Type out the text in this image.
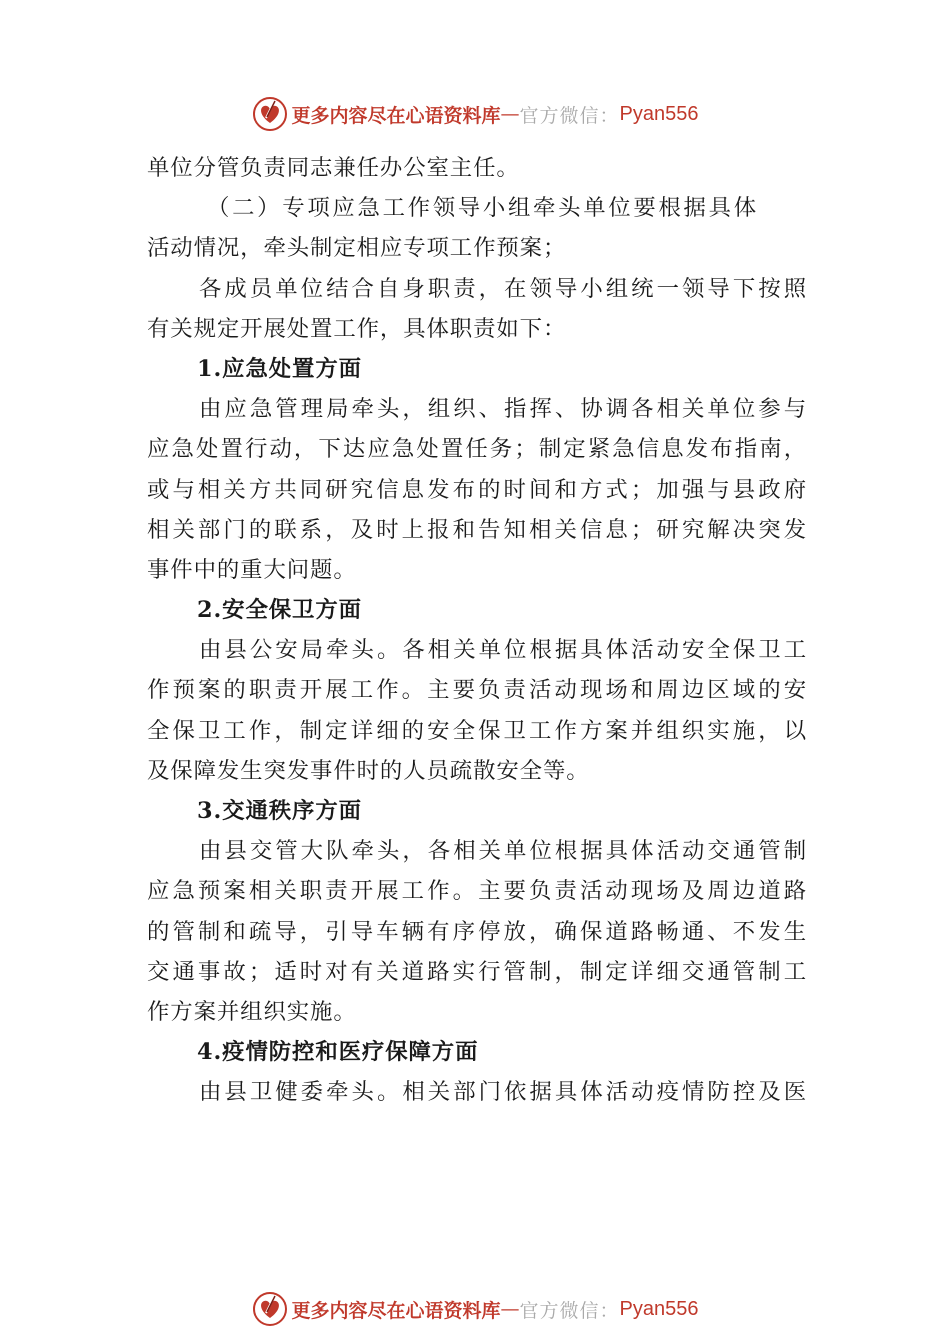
更多内容尽在心语资料库 — 官方微信： Pyan556
单位分管负责同志兼任办公室主任。
（二）专项应急工作领导小组牵头单位要根据具体
活动情况，牵头制定相应专项工作预案；
各成员单位结合自身职责，在领导小组统一领导下按照
有关规定开展处置工作，具体职责如下：
1.应急处置方面
由应急管理局牵头，组织、指挥、协调各相关单位参与
应急处置行动，下达应急处置任务；制定紧急信息发布指南，
或与相关方共同研究信息发布的时间和方式；加强与县政府
相关部门的联系，及时上报和告知相关信息；研究解决突发
事件中的重大问题。
2.安全保卫方面
由县公安局牵头。各相关单位根据具体活动安全保卫工
作预案的职责开展工作。主要负责活动现场和周边区域的安
全保卫工作，制定详细的安全保卫工作方案并组织实施，以
及保障发生突发事件时的人员疏散安全等。
3.交通秩序方面
由县交管大队牵头，各相关单位根据具体活动交通管制
应急预案相关职责开展工作。主要负责活动现场及周边道路
的管制和疏导，引导车辆有序停放，确保道路畅通、不发生
交通事故；适时对有关道路实行管制，制定详细交通管制工
作方案并组织实施。
4.疫情防控和医疗保障方面
由县卫健委牵头。相关部门依据具体活动疫情防控及医
更多内容尽在心语资料库 — 官方微信： Pyan556
